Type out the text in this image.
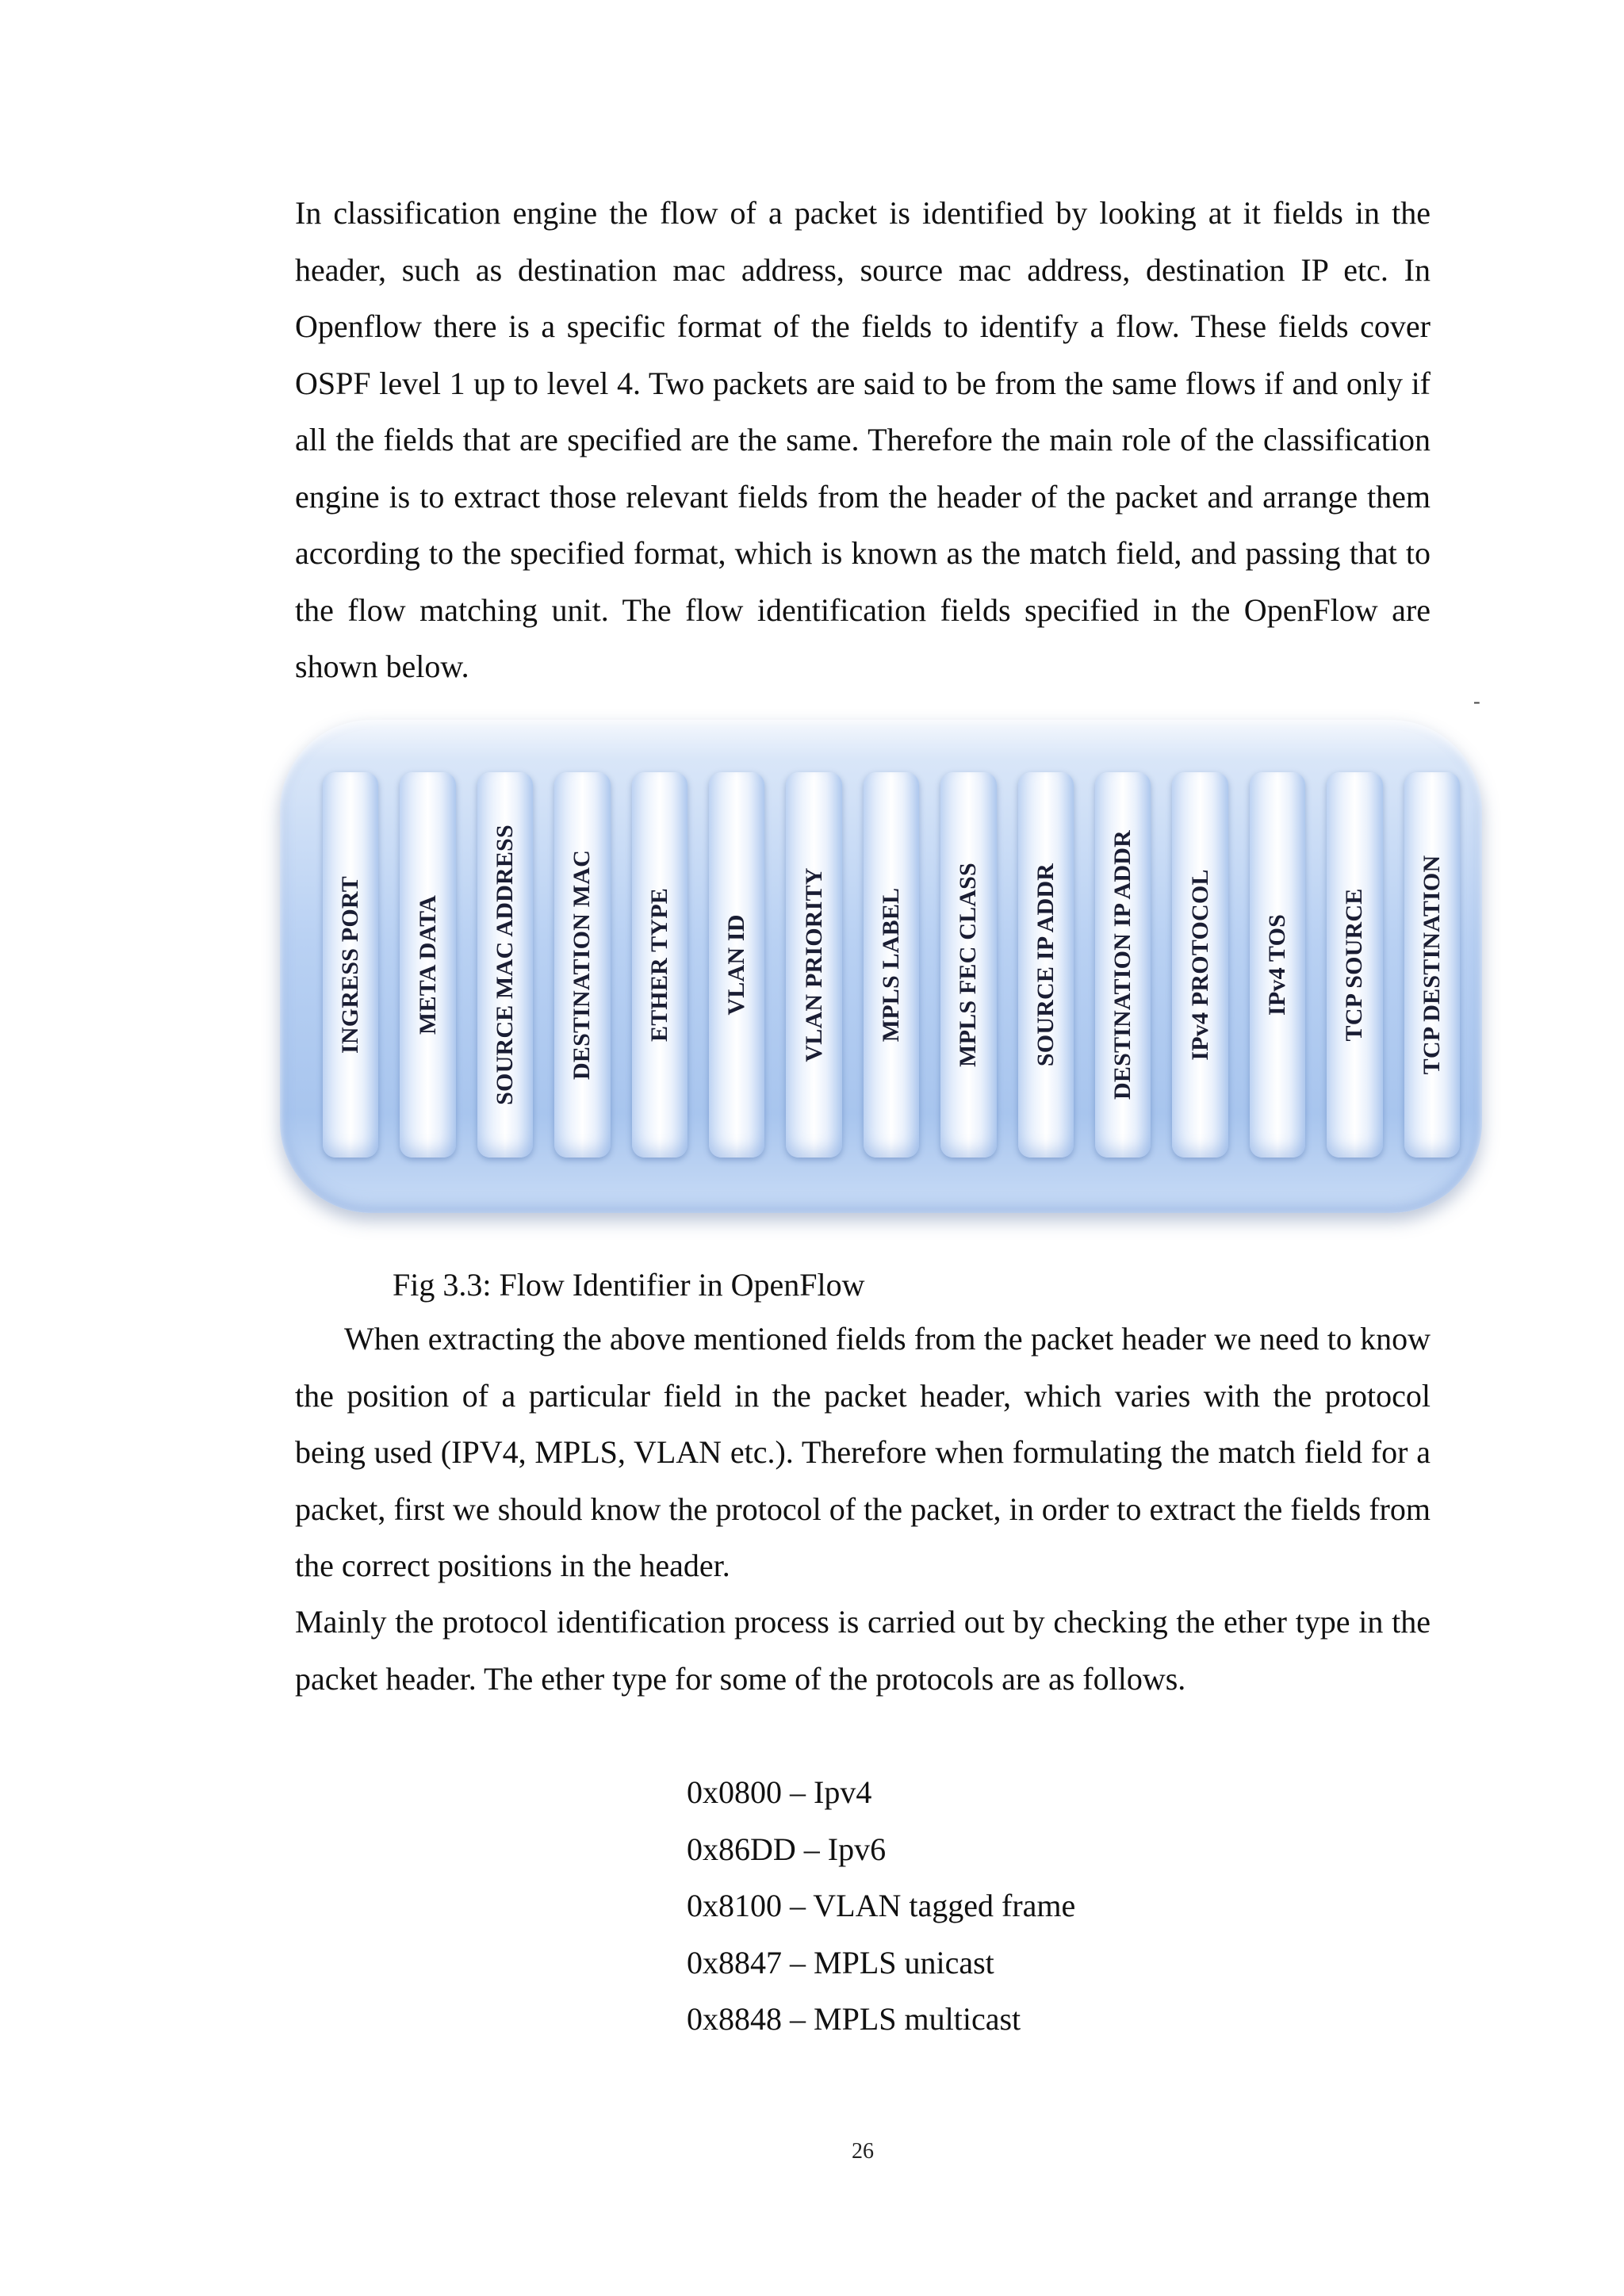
In classification engine the flow of a packet is identified by looking at it fields in the header, such as destination mac address, source mac address, destination IP etc. In Openflow there is a specific format of the fields to identify a flow. These fields cover OSPF level 1 up to level 4. Two packets are said to be from the same flows if and only if all the fields that are specified are the same. Therefore the main role of the classification engine is to extract those relevant fields from the header of the packet and arrange them according to the specified format, which is known as the match field, and passing that to the flow matching unit. The flow identification fields specified in the OpenFlow are shown below.

-
INGRESS PORT META DATA SOURCE MAC ADDRESS DESTINATION MAC ETHER TYPE VLAN ID VLAN PRIORITY MPLS LABEL MPLS FEC CLASS SOURCE IP ADDR DESTINATION IP ADDR IPv4 PROTOCOL IPv4 TOS TCP SOURCE TCP DESTINATION

Fig 3.3: Flow Identifier in OpenFlow

When extracting the above mentioned fields from the packet header we need to know the position of a particular field in the packet header, which varies with the protocol being used (IPV4, MPLS, VLAN etc.). Therefore when formulating the match field for a packet, first we should know the protocol of the packet, in order to extract the fields from the correct positions in the header.

Mainly the protocol identification process is carried out by checking the ether type in the packet header. The ether type for some of the protocols are as follows.

0x0800 – Ipv4
0x86DD – Ipv6
0x8100 – VLAN tagged frame
0x8847 – MPLS unicast
0x8848 – MPLS multicast
26
